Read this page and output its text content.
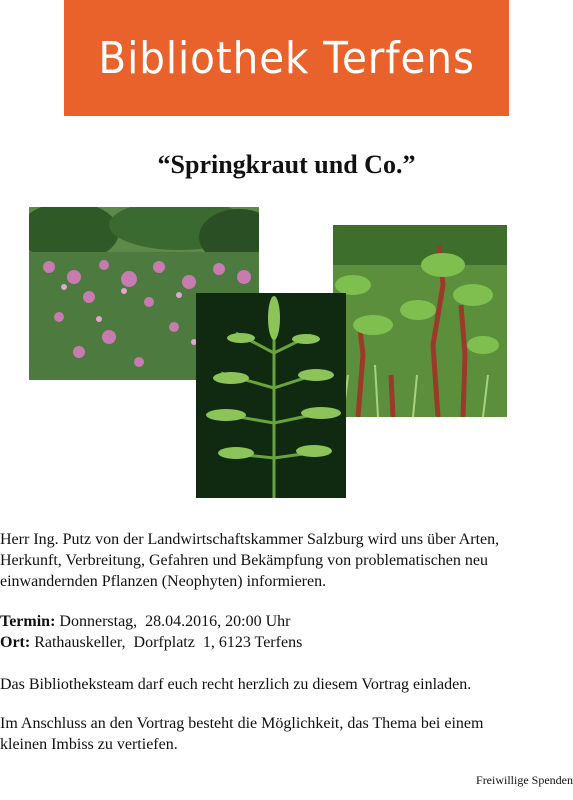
Bibliothek Terfens
“Springkraut und Co.”
Herr Ing. Putz von der Landwirtschaftskammer Salzburg wird uns über Arten,
Herkunft, Verbreitung, Gefahren und Bekämpfung von problematischen neu
einwandernden Pflanzen (Neophyten) informieren.
Termin: Donnerstag,  28.04.2016, 20:00 Uhr
Ort: Rathauskeller,  Dorfplatz  1, 6123 Terfens
Das Bibliotheksteam darf euch recht herzlich zu diesem Vortrag einladen.
Im Anschluss an den Vortrag besteht die Möglichkeit, das Thema bei einem
kleinen Imbiss zu vertiefen.
Freiwillige Spenden
